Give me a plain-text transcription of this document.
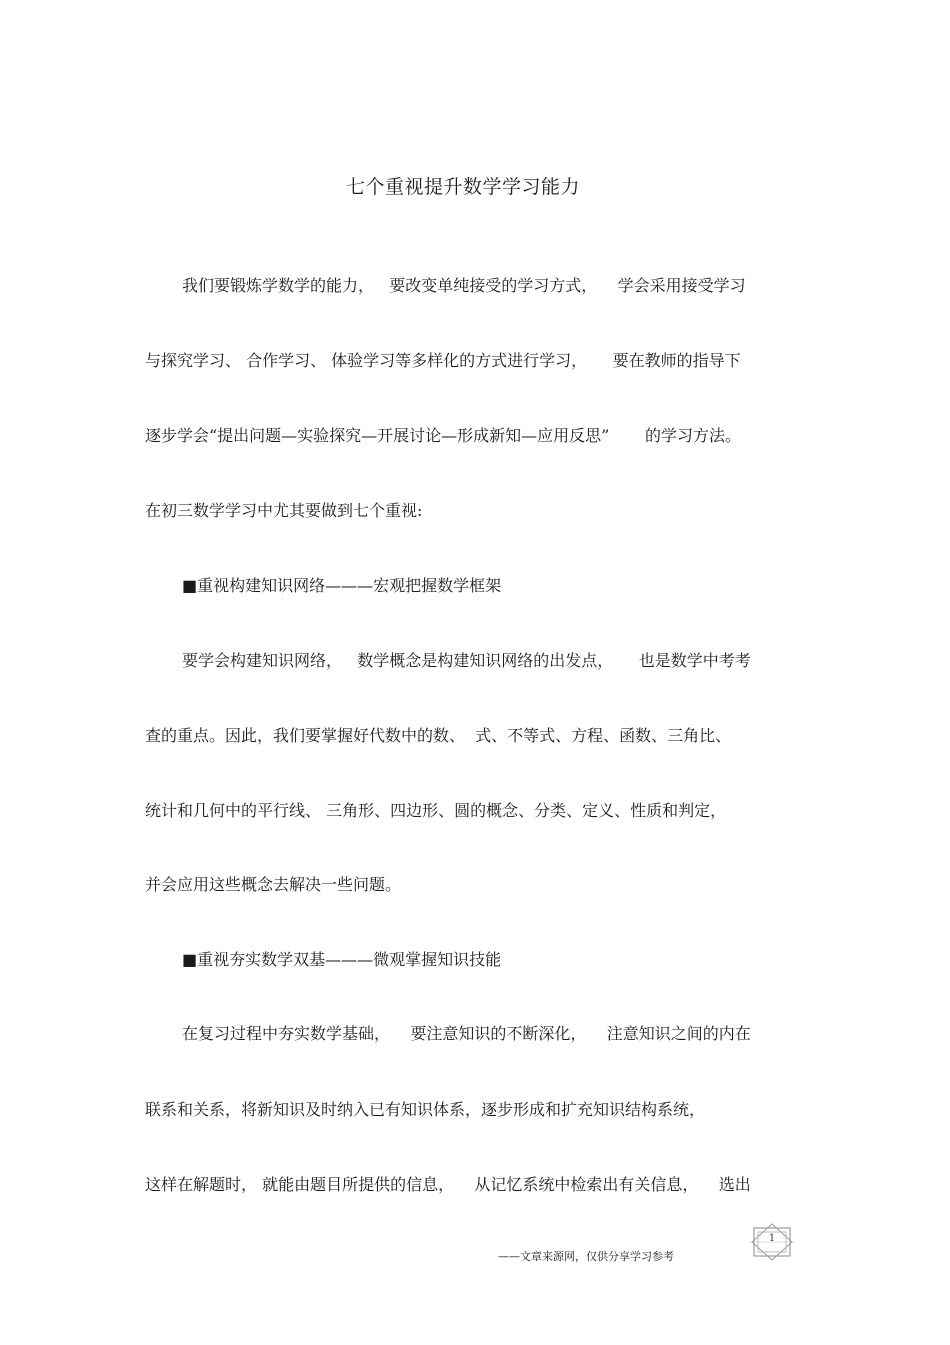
七个重视提升数学学习能力
我们要锻炼学数学的能力，   要改变单纯接受的学习方式，    学会采用接受学习
与探究学习、 合作学习、 体验学习等多样化的方式进行学习，     要在教师的指导下
逐步学会“提出问题—实验探究—开展讨论—形成新知—应用反思”       的学习方法。
在初三数学学习中尤其要做到七个重视:
■重视构建知识网络———宏观把握数学框架
要学会构建知识网络，   数学概念是构建知识网络的出发点，     也是数学中考考
查的重点。因此，我们要掌握好代数中的数、  式、不等式、方程、函数、三角比、
统计和几何中的平行线、 三角形、四边形、圆的概念、分类、定义、性质和判定，
并会应用这些概念去解决一些问题。
■重视夯实数学双基———微观掌握知识技能
在复习过程中夯实数学基础，    要注意知识的不断深化，    注意知识之间的内在
联系和关系，将新知识及时纳入已有知识体系，逐步形成和扩充知识结构系统，
这样在解题时， 就能由题目所提供的信息，    从记忆系统中检索出有关信息，    选出
1
——文章来源网，仅供分享学习参考
